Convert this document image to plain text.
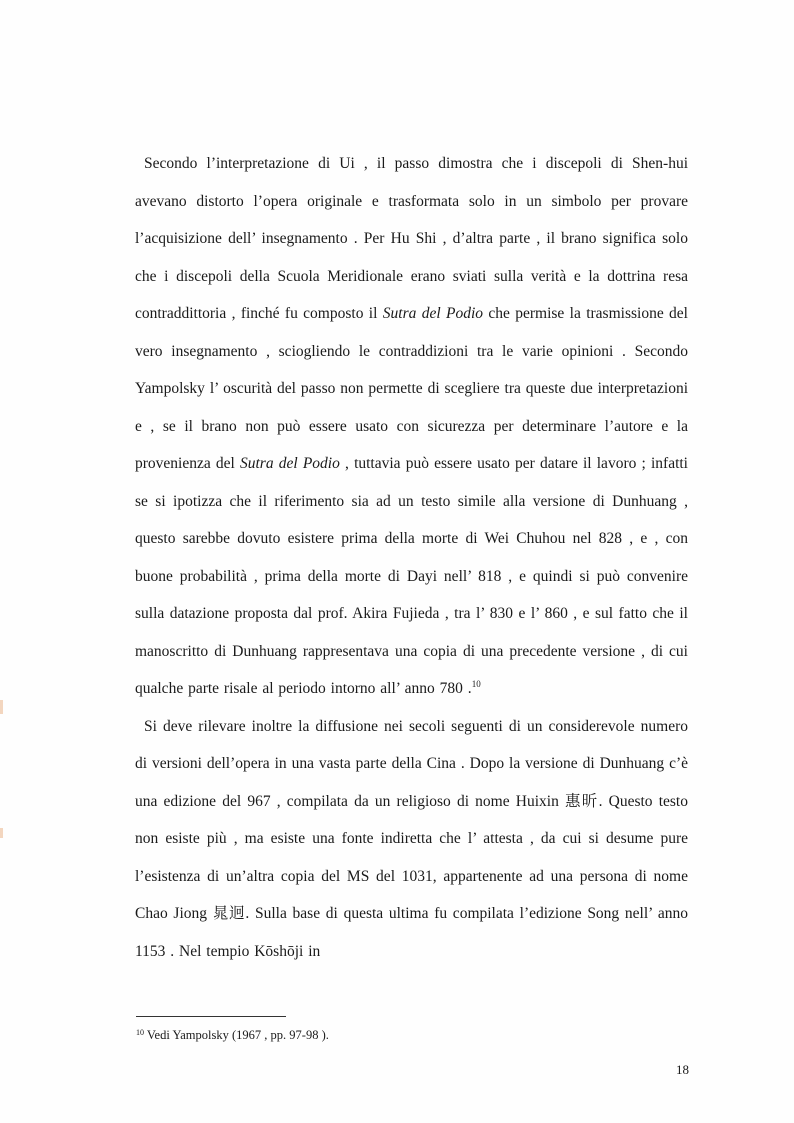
Secondo l’interpretazione di Ui , il passo dimostra che i discepoli di Shen-hui avevano distorto l’opera originale e trasformata solo in un simbolo per provare l’acquisizione dell’ insegnamento . Per Hu Shi , d’altra parte , il brano significa solo che i discepoli della Scuola Meridionale erano sviati sulla verità e la dottrina resa contraddittoria , finché fu composto il Sutra del Podio che permise la trasmissione del vero insegnamento , sciogliendo le contraddizioni tra le varie opinioni . Secondo Yampolsky l’ oscurità del passo non permette di scegliere tra queste due interpretazioni e , se il brano non può essere usato con sicurezza per determinare l’autore e la provenienza del Sutra del Podio , tuttavia può essere usato per datare il lavoro ; infatti se si ipotizza che il riferimento sia ad un testo simile alla versione di Dunhuang , questo sarebbe dovuto esistere prima della morte di Wei Chuhou nel 828 , e , con buone probabilità , prima della morte di Dayi nell’ 818 , e quindi si può convenire sulla datazione proposta dal prof. Akira Fujieda , tra l’ 830 e l’ 860 , e sul fatto che il manoscritto di Dunhuang rappresentava una copia di una precedente versione , di cui qualche parte risale al periodo intorno all’ anno 780 .$^{10}$

Si deve rilevare inoltre la diffusione nei secoli seguenti di un considerevole numero di versioni dell’opera in una vasta parte della Cina . Dopo la versione di Dunhuang c’è una edizione del 967 , compilata da un religioso di nome Huixin 惠昕. Questo testo non esiste più , ma esiste una fonte indiretta che l’ attesta , da cui si desume pure l’esistenza di un’altra copia del MS del 1031, appartenente ad una persona di nome Chao Jiong 晁迥. Sulla base di questa ultima fu compilata l’edizione Song nell’ anno 1153 . Nel tempio Kōshōji in

$^{10}$ Vedi Yampolsky (1967 , pp. 97-98 ).
18
